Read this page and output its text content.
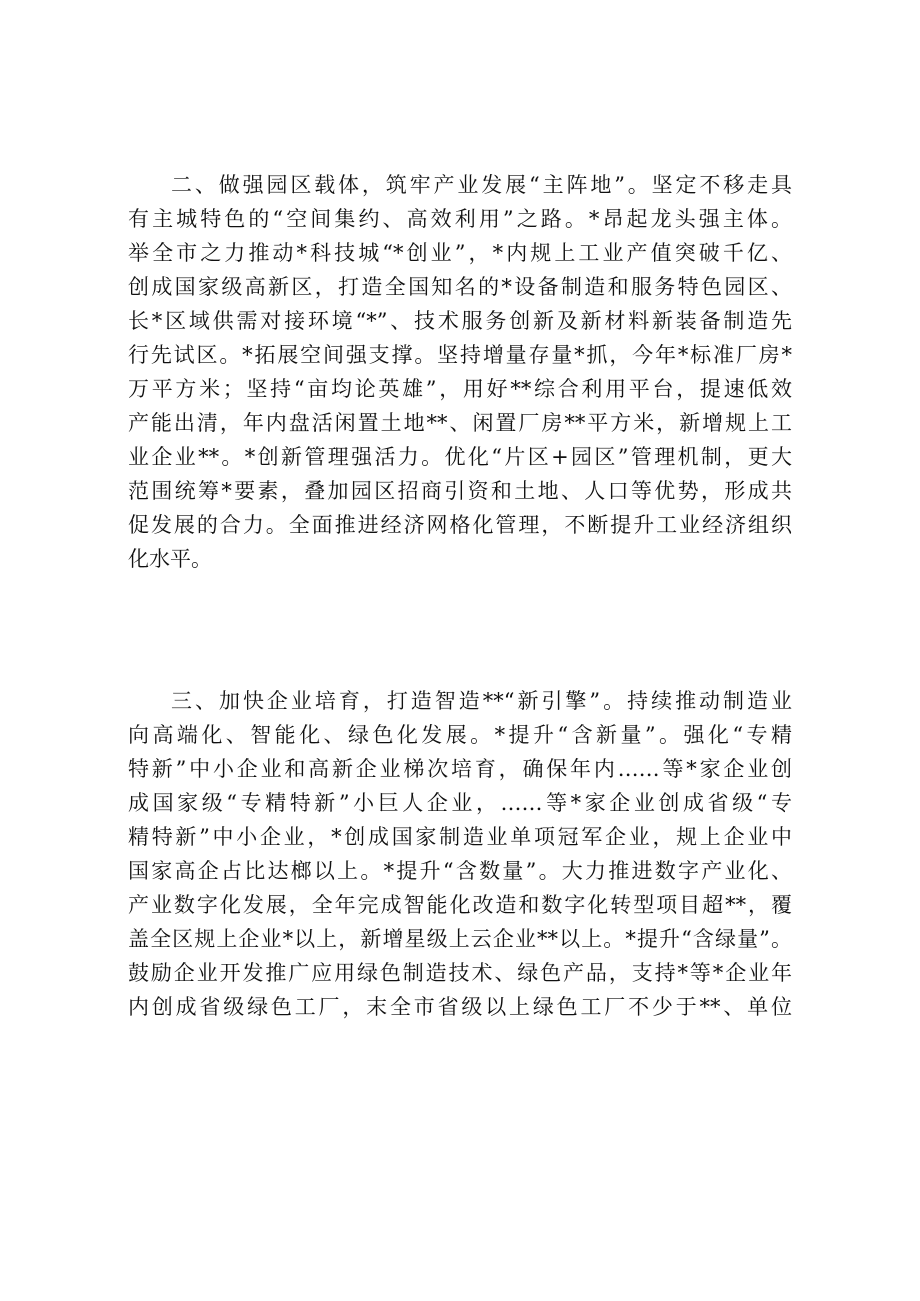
二、做强园区载体，筑牢产业发展“主阵地”。坚定不移走具
有主城特色的“空间集约、高效利用”之路。*昂起龙头强主体。
举全市之力推动*科技城“*创业”，*内规上工业产值突破千亿、
创成国家级高新区，打造全国知名的*设备制造和服务特色园区、
长*区域供需对接环境“*”、技术服务创新及新材料新装备制造先
行先试区。*拓展空间强支撑。坚持增量存量*抓，今年*标准厂房*
万平方米；坚持“亩均论英雄”，用好**综合利用平台，提速低效
产能出清，年内盘活闲置土地**、闲置厂房**平方米，新增规上工
业企业**。*创新管理强活力。优化“片区+园区”管理机制，更大
范围统筹*要素，叠加园区招商引资和土地、人口等优势，形成共
促发展的合力。全面推进经济网格化管理，不断提升工业经济组织
化水平。
三、加快企业培育，打造智造**“新引擎”。持续推动制造业
向高端化、智能化、绿色化发展。*提升“含新量”。强化“专精
特新”中小企业和高新企业梯次培育，确保年内……等*家企业创
成国家级“专精特新”小巨人企业，……等*家企业创成省级“专
精特新”中小企业，*创成国家制造业单项冠军企业，规上企业中
国家高企占比达榔以上。*提升“含数量”。大力推进数字产业化、
产业数字化发展，全年完成智能化改造和数字化转型项目超**，覆
盖全区规上企业*以上，新增星级上云企业**以上。*提升“含绿量”。
鼓励企业开发推广应用绿色制造技术、绿色产品，支持*等*企业年
内创成省级绿色工厂，末全市省级以上绿色工厂不少于**、单位
